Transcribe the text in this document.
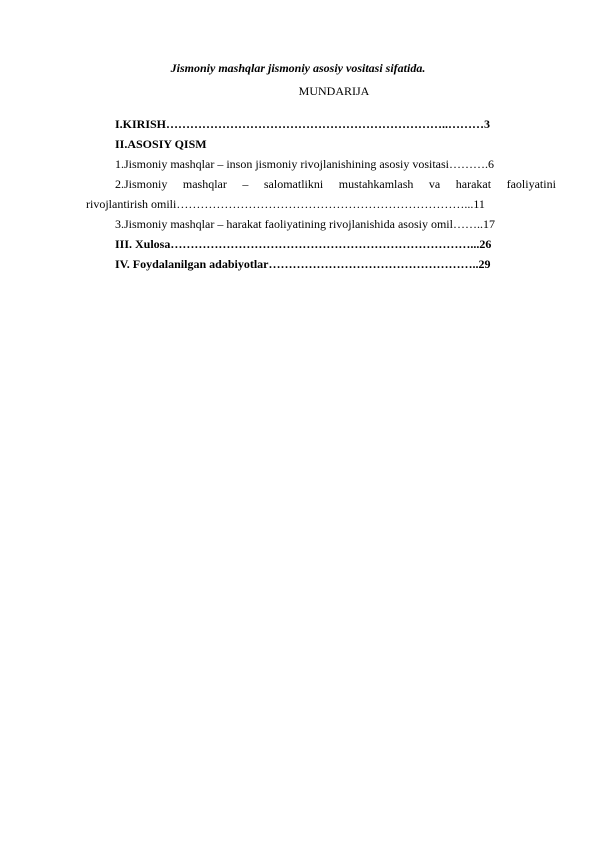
Jismoniy mashqlar jismoniy asosiy vositasi sifatida.
MUNDARIJA
I.KIRISH……………………………………………………………..………3
II.ASOSIY QISM
1.Jismoniy mashqlar – inson jismoniy rivojlanishining asosiy vositasi……….6
2.Jismoniy mashqlar – salomatlikni mustahkamlash va harakat faoliyatini
rivojlantirish omili………………………………………………………………...11
3.Jismoniy mashqlar – harakat faoliyatining rivojlanishida asosiy omil……..17
III. Xulosa…………………………………………………………………...26
IV. Foydalanilgan adabiyotlar……………………………………………..29
